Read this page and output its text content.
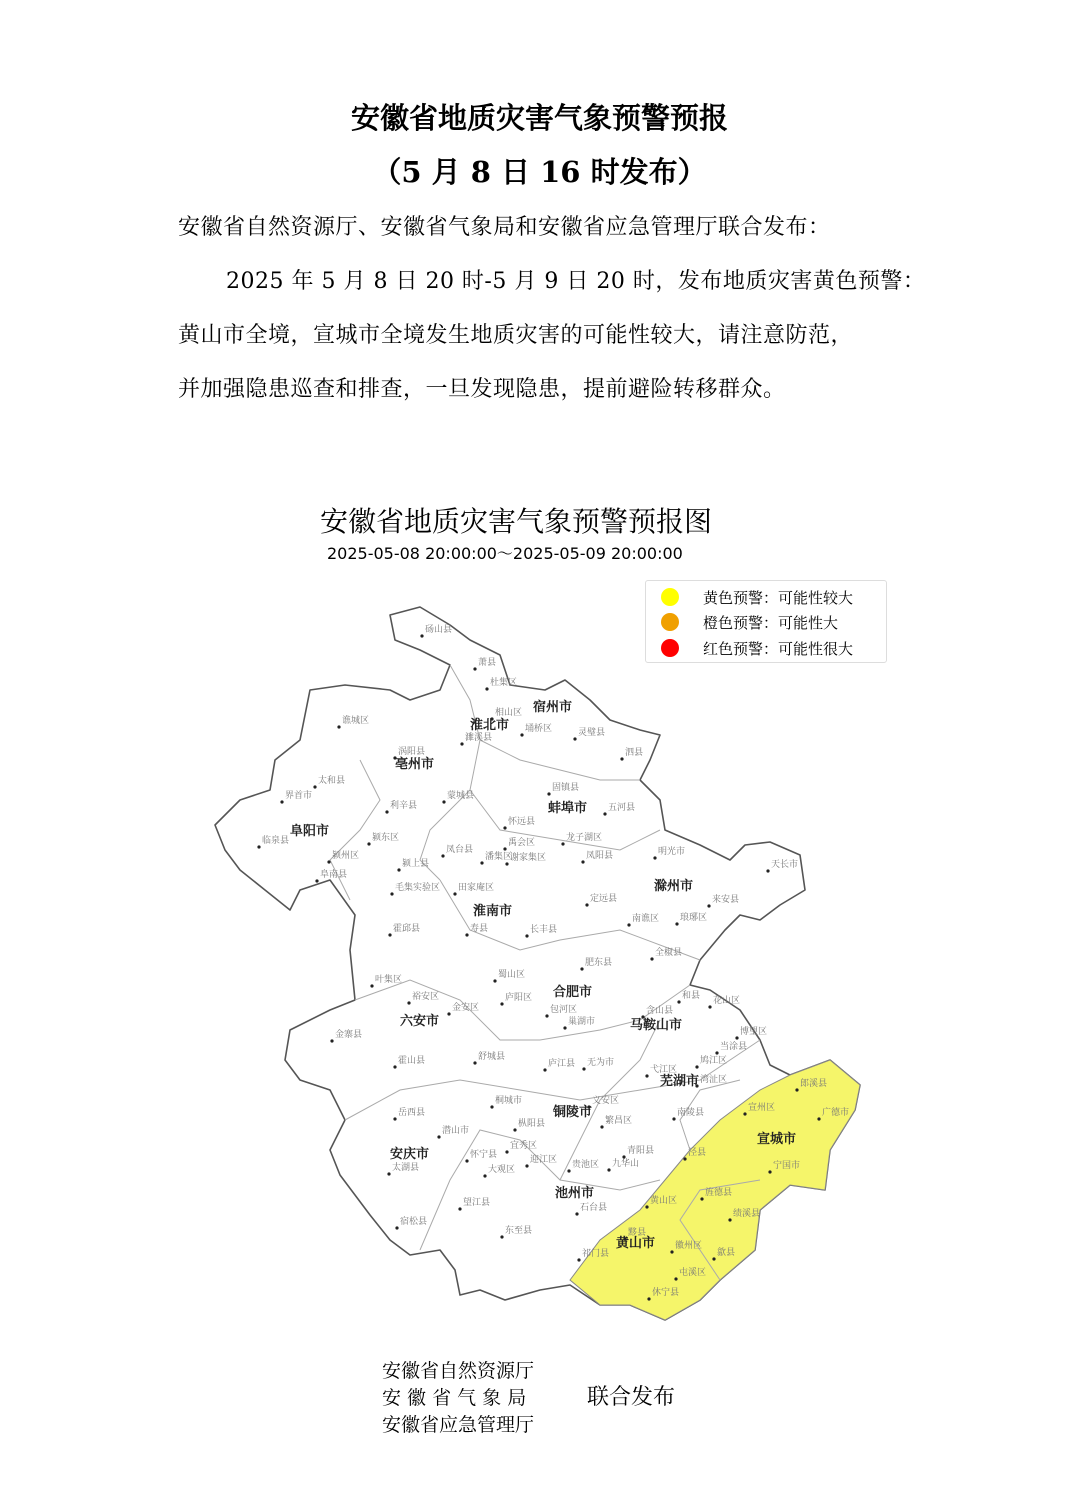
安徽省地质灾害气象预警预报
（5 月 8 日 16 时发布）
安徽省自然资源厅、安徽省气象局和安徽省应急管理厅联合发布：
2025 年 5 月 8 日 20 时-5 月 9 日 20 时，发布地质灾害黄色预警：
黄山市全境，宣城市全境发生地质灾害的可能性较大，请注意防范，
并加强隐患巡查和排查，一旦发现隐患，提前避险转移群众。
砀山县
萧县
杜集区
相山区
濉溪县
埇桥区	灵璧县
泗县
谯城区
涡阳县
太和县
利辛县
蒙城县
界首市
临泉县
颍州区
颍东区
颍上县
阜南县
固镇县
五河县
怀远县
禹会区	龙子湖区
凤阳县	明光市
天长市
凤台县
潘集区
谢家集区
毛集实验区 田家庵区
定远县
南谯区 琅琊区
来安县
寿县	长丰县
全椒县
霍邱县
肥东县
叶集区
裕安区
金安区
蜀山区
庐阳区
包河区
巢湖市
含山县
和县 花山区
博望区
当涂县
金寨县
霍山县	舒城县
庐江县 无为市
弋江区
鸠江区
湾沚区	郎溪县
广德市
南陵县	宣州区
岳西县
桐城市
枞阳县
义安区
繁昌区
潜山市
怀宁县
宜秀区
大观区
迎江区 贵池区 九华山
青阳县	泾县
宁国市
太湖县
望江县
宿松县
东至县
石台县
旌德县
绩溪县
黄山区
黟县
祁门县
徽州区
歙县
屯溪区
休宁县
宿州市
淮北市
亳州市
阜阳市
蚌埠市
淮南市
滁州市
六安市
合肥市
马鞍山市
芜湖市
宣城市
铜陵市
安庆市
池州市
黄山市
安徽省地质灾害气象预警预报图
2025-05-08 20:00:00～2025-05-09 20:00:00
黄色预警：可能性较大
橙色预警：可能性大
红色预警：可能性很大
安徽省自然资源厅
安 徽 省 气 象 局
安徽省应急管理厅
联合发布
